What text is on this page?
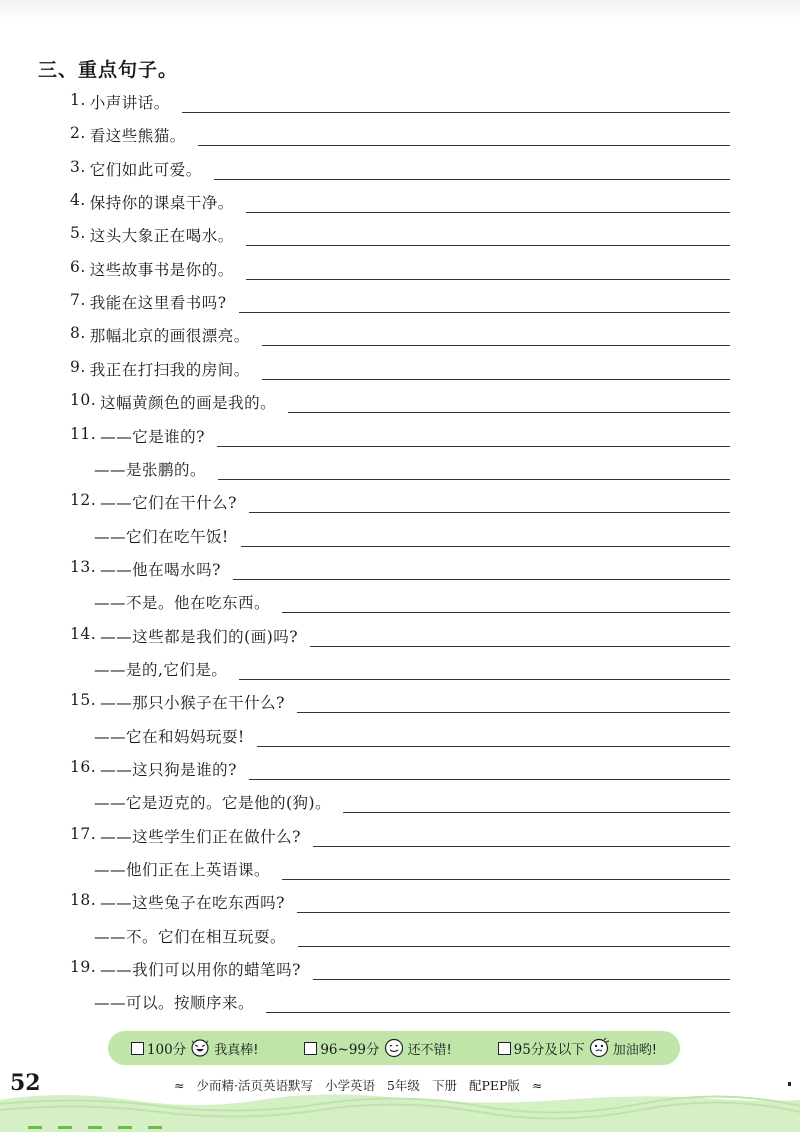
三、重点句子。
1. 小声讲话。
2. 看这些熊猫。
3. 它们如此可爱。
4. 保持你的课桌干净。
5. 这头大象正在喝水。
6. 这些故事书是你的。
7. 我能在这里看书吗?
8. 那幅北京的画很漂亮。
9. 我正在打扫我的房间。
10. 这幅黄颜色的画是我的。
11. ——它是谁的?
——是张鹏的。
12. ——它们在干什么?
——它们在吃午饭!
13. ——他在喝水吗?
——不是。他在吃东西。
14. ——这些都是我们的(画)吗?
——是的,它们是。
15. ——那只小猴子在干什么?
——它在和妈妈玩耍!
16. ——这只狗是谁的?
——它是迈克的。它是他的(狗)。
17. ——这些学生们正在做什么?
——他们正在上英语课。
18. ——这些兔子在吃东西吗?
——不。它们在相互玩耍。
19. ——我们可以用你的蜡笔吗?
——可以。按顺序来。
100分 我真棒!	96~99分 还不错!	95分及以下 加油哟!
52	≈ 少而精·活页英语默写 小学英语 5年级 下册 配PEP版 ≈
